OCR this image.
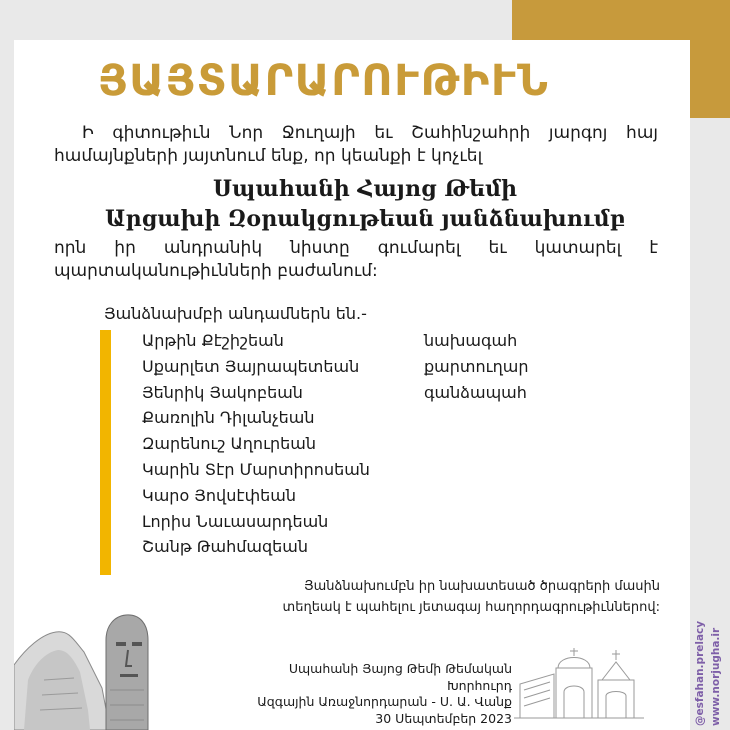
ՅԱՅՏԱՐԱՐՈՒԹԻՒՆ
Ի գիտութիւն Նոր Ջուղայի եւ Շահինշահրի յարգոյ հայ համայնքների յայտնում ենք, որ կեանքի է կոչւել
Սպահանի Հայոց Թեմի
Արցախի Զօրակցութեան յանձնախումբ
որն իր անդրանիկ նիստը գումարել եւ կատարել է պարտականութիւնների բաժանում:
Յանձնախմբի անդամներն են.-
Արթին Քէշիշեան
Սքարլետ Յայրապետեան
Յենրիկ Յակոբեան
Քառոլին Դիլանչեան
Զարենուշ Աղուրեան
Կարին Տէր Մարտիրոսեան
Կարօ Յովսէփեան
Լորիս Նաւասարդեան
Շանթ Թահմազեան
նախագահ
քարտուղար
գանձապահ
Յանձնախումբն իր նախատեսած ծրագրերի մասին
տեղեակ է պահելու յետագայ հաղորդագրութիւններով:
Սպահանի Յայոց Թեմի Թեմական Խորհուրդ
Ազգային Առաջնորդարան - Ս. Ա. Վանք
30 Սեպտեմբեր 2023	@esfahan.prelacy www.norjugha.ir
